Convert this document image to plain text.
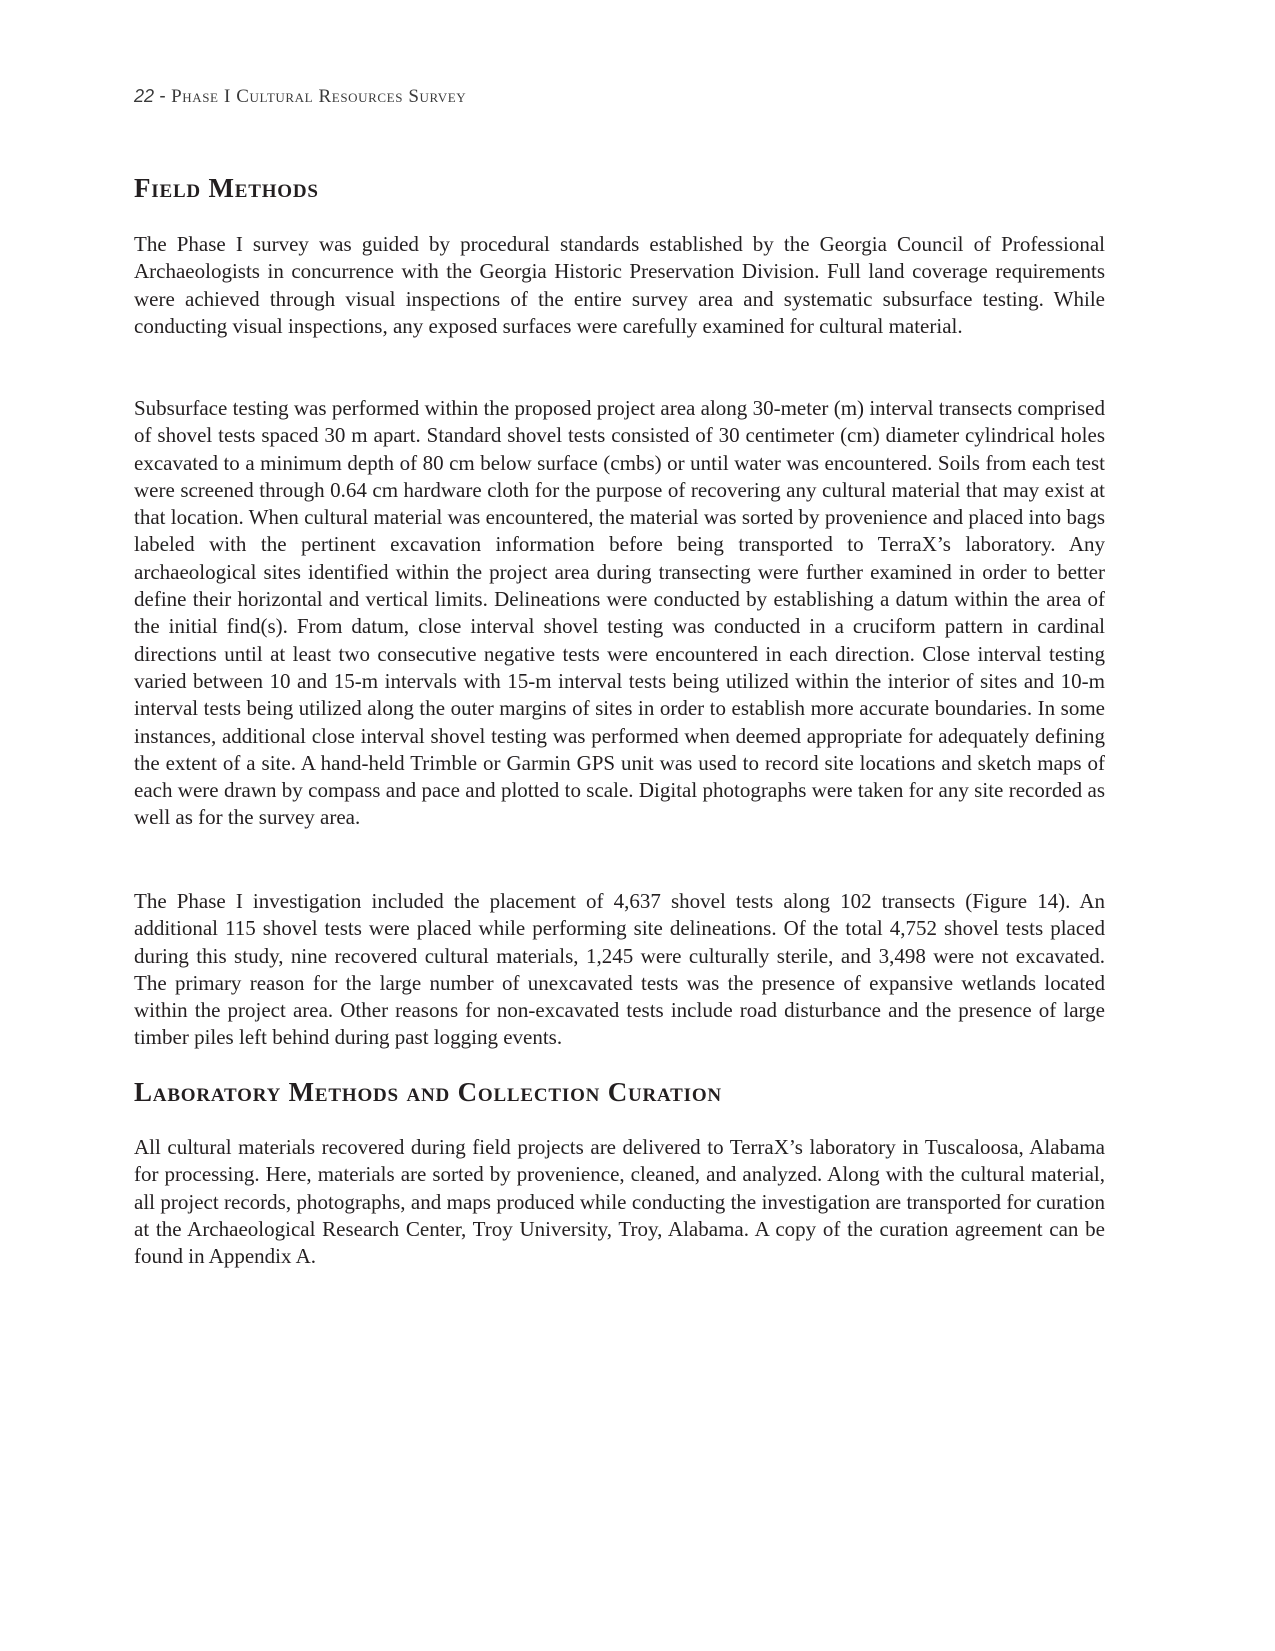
22 - Phase I Cultural Resources Survey
Field Methods

The Phase I survey was guided by procedural standards established by the Georgia Council of Professional Archaeologists in concurrence with the Georgia Historic Preservation Division. Full land coverage requirements were achieved through visual inspections of the entire survey area and systematic subsurface testing. While conducting visual inspections, any exposed surfaces were carefully examined for cultural material.

Subsurface testing was performed within the proposed project area along 30-meter (m) interval transects comprised of shovel tests spaced 30 m apart. Standard shovel tests consisted of 30 centimeter (cm) diameter cylindrical holes excavated to a minimum depth of 80 cm below surface (cmbs) or until water was encountered. Soils from each test were screened through 0.64 cm hardware cloth for the purpose of recovering any cultural material that may exist at that location. When cultural material was encountered, the material was sorted by provenience and placed into bags labeled with the pertinent excavation information before being transported to TerraX’s laboratory. Any archaeological sites identified within the project area during transecting were further examined in order to better define their horizontal and vertical limits. Delineations were conducted by establishing a datum within the area of the initial find(s). From datum, close interval shovel testing was conducted in a cruciform pattern in cardinal directions until at least two consecutive negative tests were encountered in each direction. Close interval testing varied between 10 and 15-m intervals with 15-m interval tests being utilized within the interior of sites and 10-m interval tests being utilized along the outer margins of sites in order to establish more accurate boundaries. In some instances, additional close interval shovel testing was performed when deemed appropriate for adequately defining the extent of a site. A hand-held Trimble or Garmin GPS unit was used to record site locations and sketch maps of each were drawn by compass and pace and plotted to scale. Digital photographs were taken for any site recorded as well as for the survey area.

The Phase I investigation included the placement of 4,637 shovel tests along 102 transects (Figure 14). An additional 115 shovel tests were placed while performing site delineations. Of the total 4,752 shovel tests placed during this study, nine recovered cultural materials, 1,245 were culturally sterile, and 3,498 were not excavated. The primary reason for the large number of unexcavated tests was the presence of expansive wetlands located within the project area. Other reasons for non-excavated tests include road disturbance and the presence of large timber piles left behind during past logging events.

Laboratory Methods and Collection Curation

All cultural materials recovered during field projects are delivered to TerraX’s laboratory in Tuscaloosa, Alabama for processing. Here, materials are sorted by provenience, cleaned, and analyzed. Along with the cultural material, all project records, photographs, and maps produced while conducting the investigation are transported for curation at the Archaeological Research Center, Troy University, Troy, Alabama. A copy of the curation agreement can be found in Appendix A.
